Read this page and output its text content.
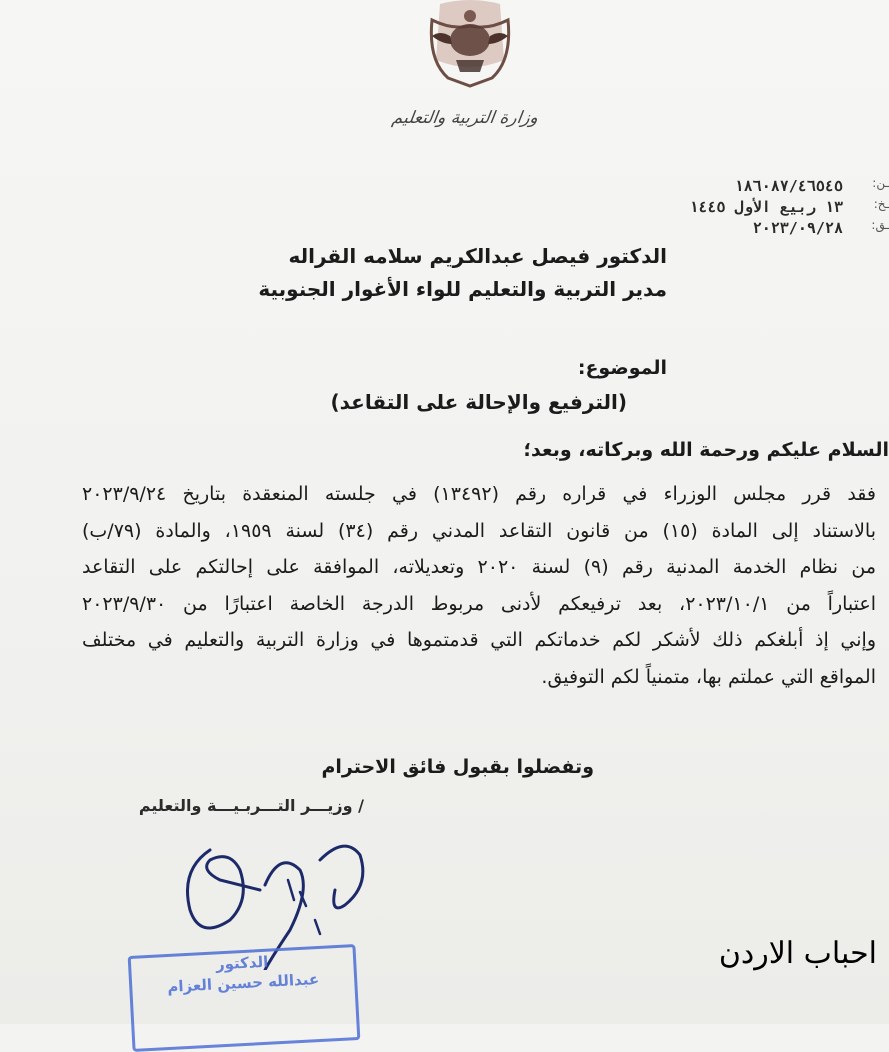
وزارة التربية والتعليم
ـن:
ـخ:
ـق:
١٨٦٠٨٧/٤٦٥٤٥
١٣ ربيع الأول ١٤٤٥
٢٠٢٣/٠٩/٢٨
الدكتور فيصل عبدالكريم سلامه القراله
مدير التربية والتعليم للواء الأغوار الجنوبية
الموضوع:
(الترفيع والإحالة على التقاعد)
السلام عليكم ورحمة الله وبركاته، وبعد؛
فقد قرر مجلس الوزراء في قراره رقم (١٣٤٩٢) في جلسته المنعقدة بتاريخ ٢٠٢٣/٩/٢٤
بالاستناد إلى المادة (١٥) من قانون التقاعد المدني رقم (٣٤) لسنة ١٩٥٩، والمادة (٧٩/ب)
من نظام الخدمة المدنية رقم (٩) لسنة ٢٠٢٠ وتعديلاته، الموافقة على إحالتكم على التقاعد
اعتباراً من ٢٠٢٣/١٠/١، بعد ترفيعكم لأدنى مربوط الدرجة الخاصة اعتبارًا من ٢٠٢٣/٩/٣٠
وإني إذ أبلغكم ذلك لأشكر لكم خدماتكم التي قدمتموها في وزارة التربية والتعليم في مختلف
المواقع التي عملتم بها، متمنياً لكم التوفيق.
وتفضلوا بقبول فائق الاحترام
/ وزيـــر التـــربـيـــة والتعليم
الدكتور
عبدالله حسين العزام
احباب الاردن
